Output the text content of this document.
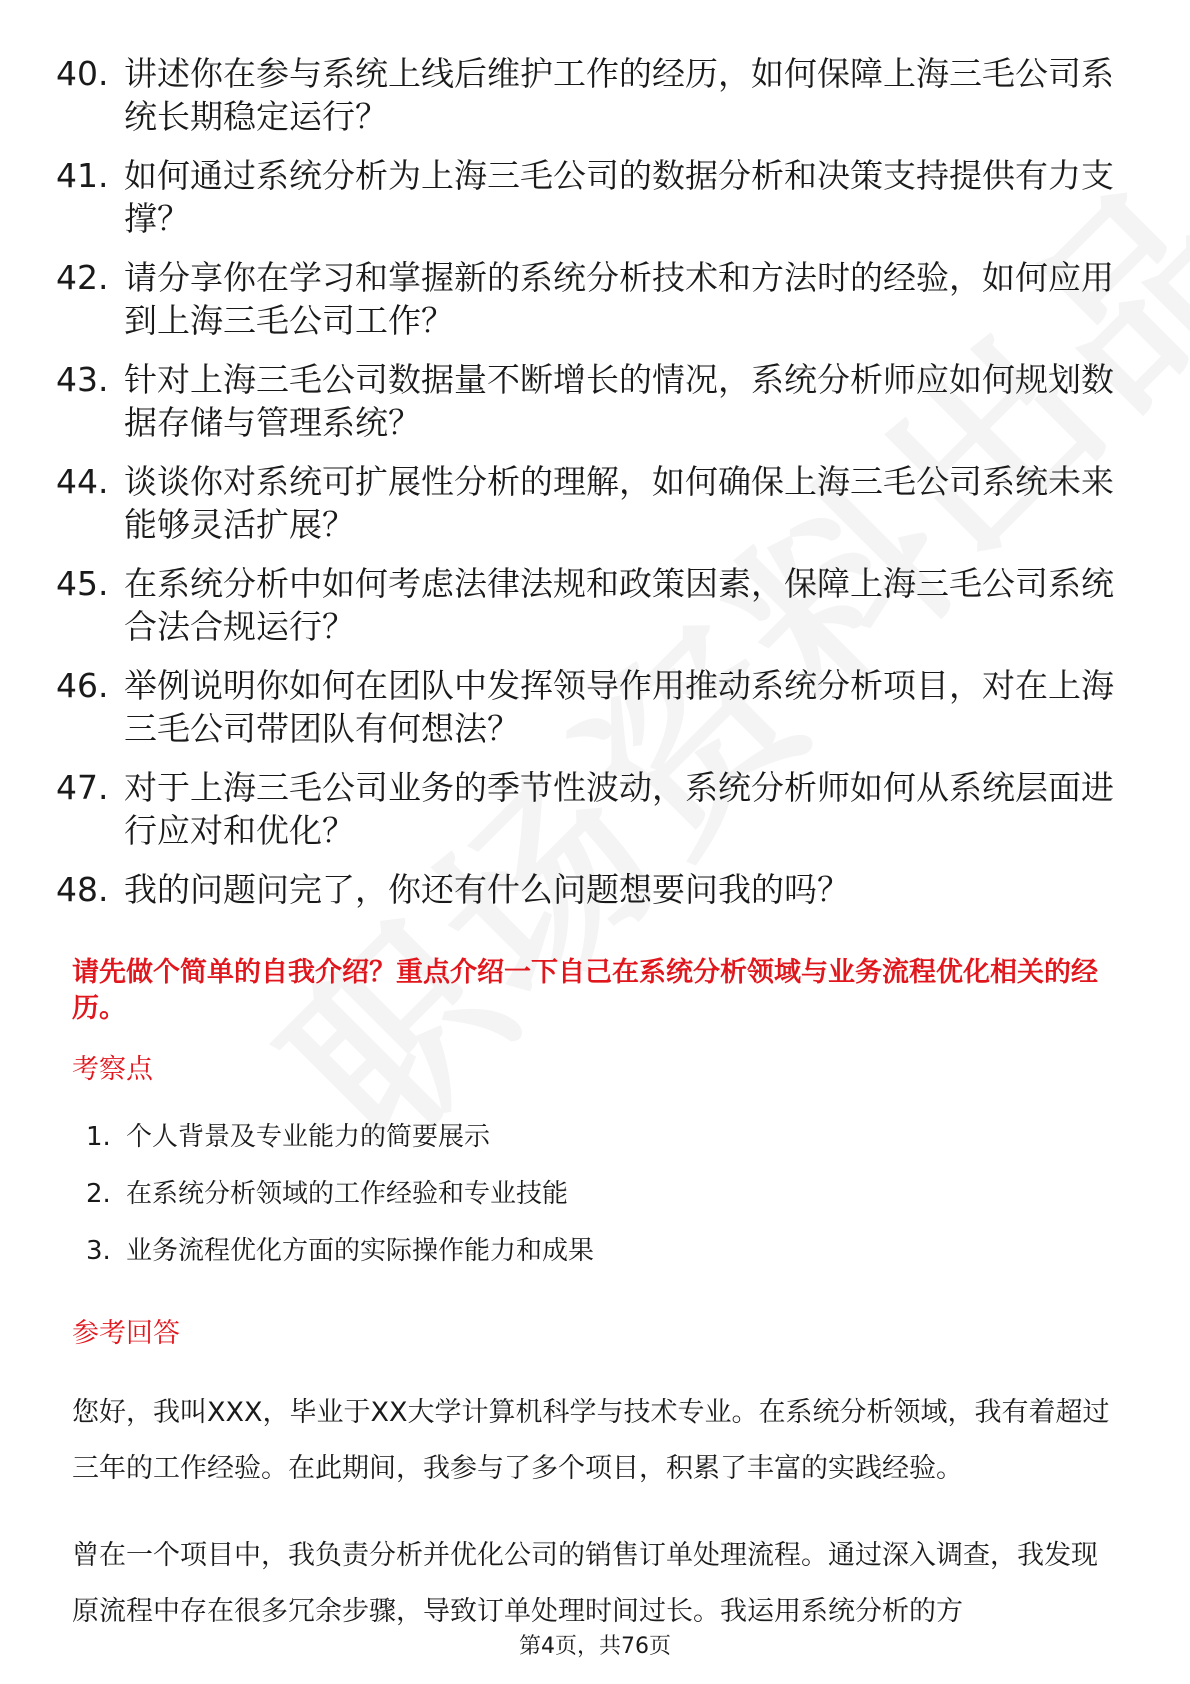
40. 讲述你在参与系统上线后维护工作的经历，如何保障上海三毛公司系统长期稳定运行？
41. 如何通过系统分析为上海三毛公司的数据分析和决策支持提供有力支撑？
42. 请分享你在学习和掌握新的系统分析技术和方法时的经验，如何应用到上海三毛公司工作？
43. 针对上海三毛公司数据量不断增长的情况，系统分析师应如何规划数据存储与管理系统？
44. 谈谈你对系统可扩展性分析的理解，如何确保上海三毛公司系统未来能够灵活扩展？
45. 在系统分析中如何考虑法律法规和政策因素，保障上海三毛公司系统合法合规运行？
46. 举例说明你如何在团队中发挥领导作用推动系统分析项目，对在上海三毛公司带团队有何想法？
47. 对于上海三毛公司业务的季节性波动，系统分析师如何从系统层面进行应对和优化？
48. 我的问题问完了，你还有什么问题想要问我的吗？
请先做个简单的自我介绍？重点介绍一下自己在系统分析领域与业务流程优化相关的经历。
考察点
1. 个人背景及专业能力的简要展示
2. 在系统分析领域的工作经验和专业技能
3. 业务流程优化方面的实际操作能力和成果
参考回答
您好，我叫XXX，毕业于XX大学计算机科学与技术专业。在系统分析领域，我有着超过三年的工作经验。在此期间，我参与了多个项目，积累了丰富的实践经验。
曾在一个项目中，我负责分析并优化公司的销售订单处理流程。通过深入调查，我发现原流程中存在很多冗余步骤，导致订单处理时间过长。我运用系统分析的方
第4页，共76页
